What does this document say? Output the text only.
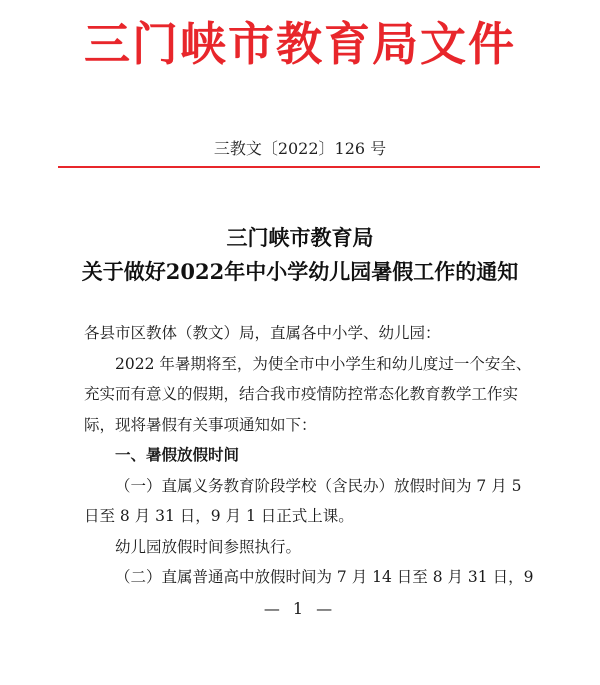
三门峡市教育局文件
三教文〔2022〕126 号
三门峡市教育局
关于做好2022年中小学幼儿园暑假工作的通知
各县市区教体（教文）局，直属各中小学、幼儿园：
2022 年暑期将至，为使全市中小学生和幼儿度过一个安全、
充实而有意义的假期，结合我市疫情防控常态化教育教学工作实
际，现将暑假有关事项通知如下：
一、暑假放假时间
（一）直属义务教育阶段学校（含民办）放假时间为 7 月 5
日至 8 月 31 日，9 月 1 日正式上课。
幼儿园放假时间参照执行。
（二）直属普通高中放假时间为 7 月 14 日至 8 月 31 日，9
— 1 —
